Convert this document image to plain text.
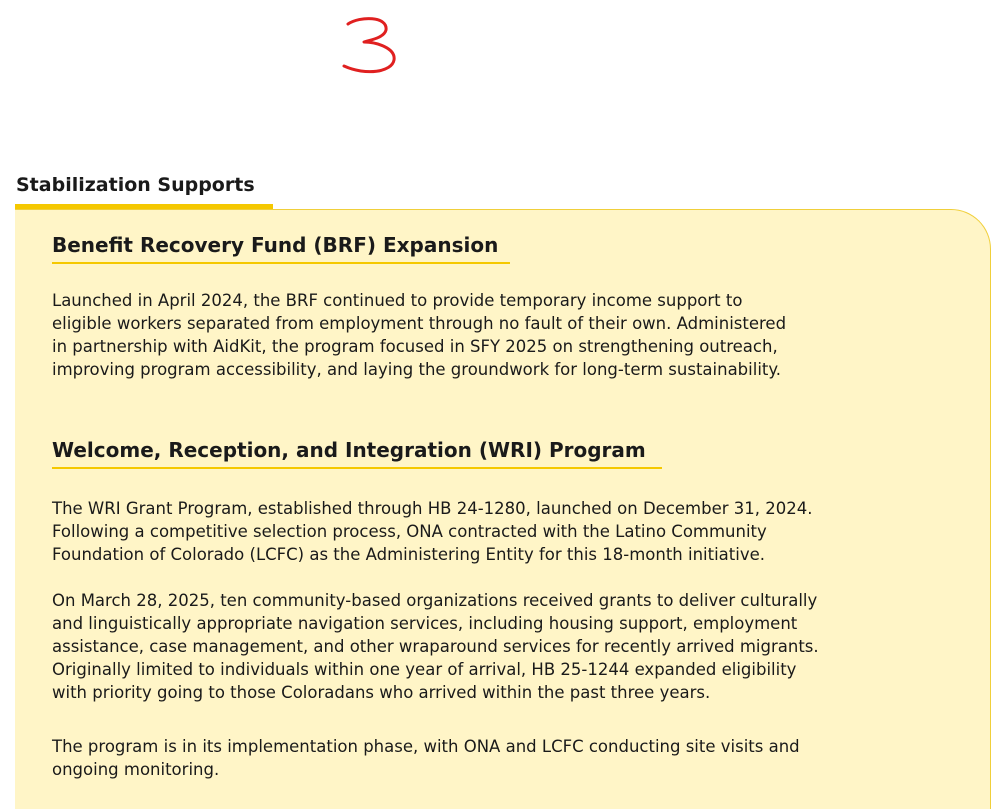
Stabilization Supports
Benefit Recovery Fund (BRF) Expansion

Launched in April 2024, the BRF continued to provide temporary income support to
eligible workers separated from employment through no fault of their own. Administered
in partnership with AidKit, the program focused in SFY 2025 on strengthening outreach,
improving program accessibility, and laying the groundwork for long-term sustainability.

Welcome, Reception, and Integration (WRI) Program

The WRI Grant Program, established through HB 24-1280, launched on December 31, 2024.
Following a competitive selection process, ONA contracted with the Latino Community
Foundation of Colorado (LCFC) as the Administering Entity for this 18-month initiative.

On March 28, 2025, ten community-based organizations received grants to deliver culturally
and linguistically appropriate navigation services, including housing support, employment
assistance, case management, and other wraparound services for recently arrived migrants.
Originally limited to individuals within one year of arrival, HB 25-1244 expanded eligibility
with priority going to those Coloradans who arrived within the past three years.

The program is in its implementation phase, with ONA and LCFC conducting site visits and
ongoing monitoring.
